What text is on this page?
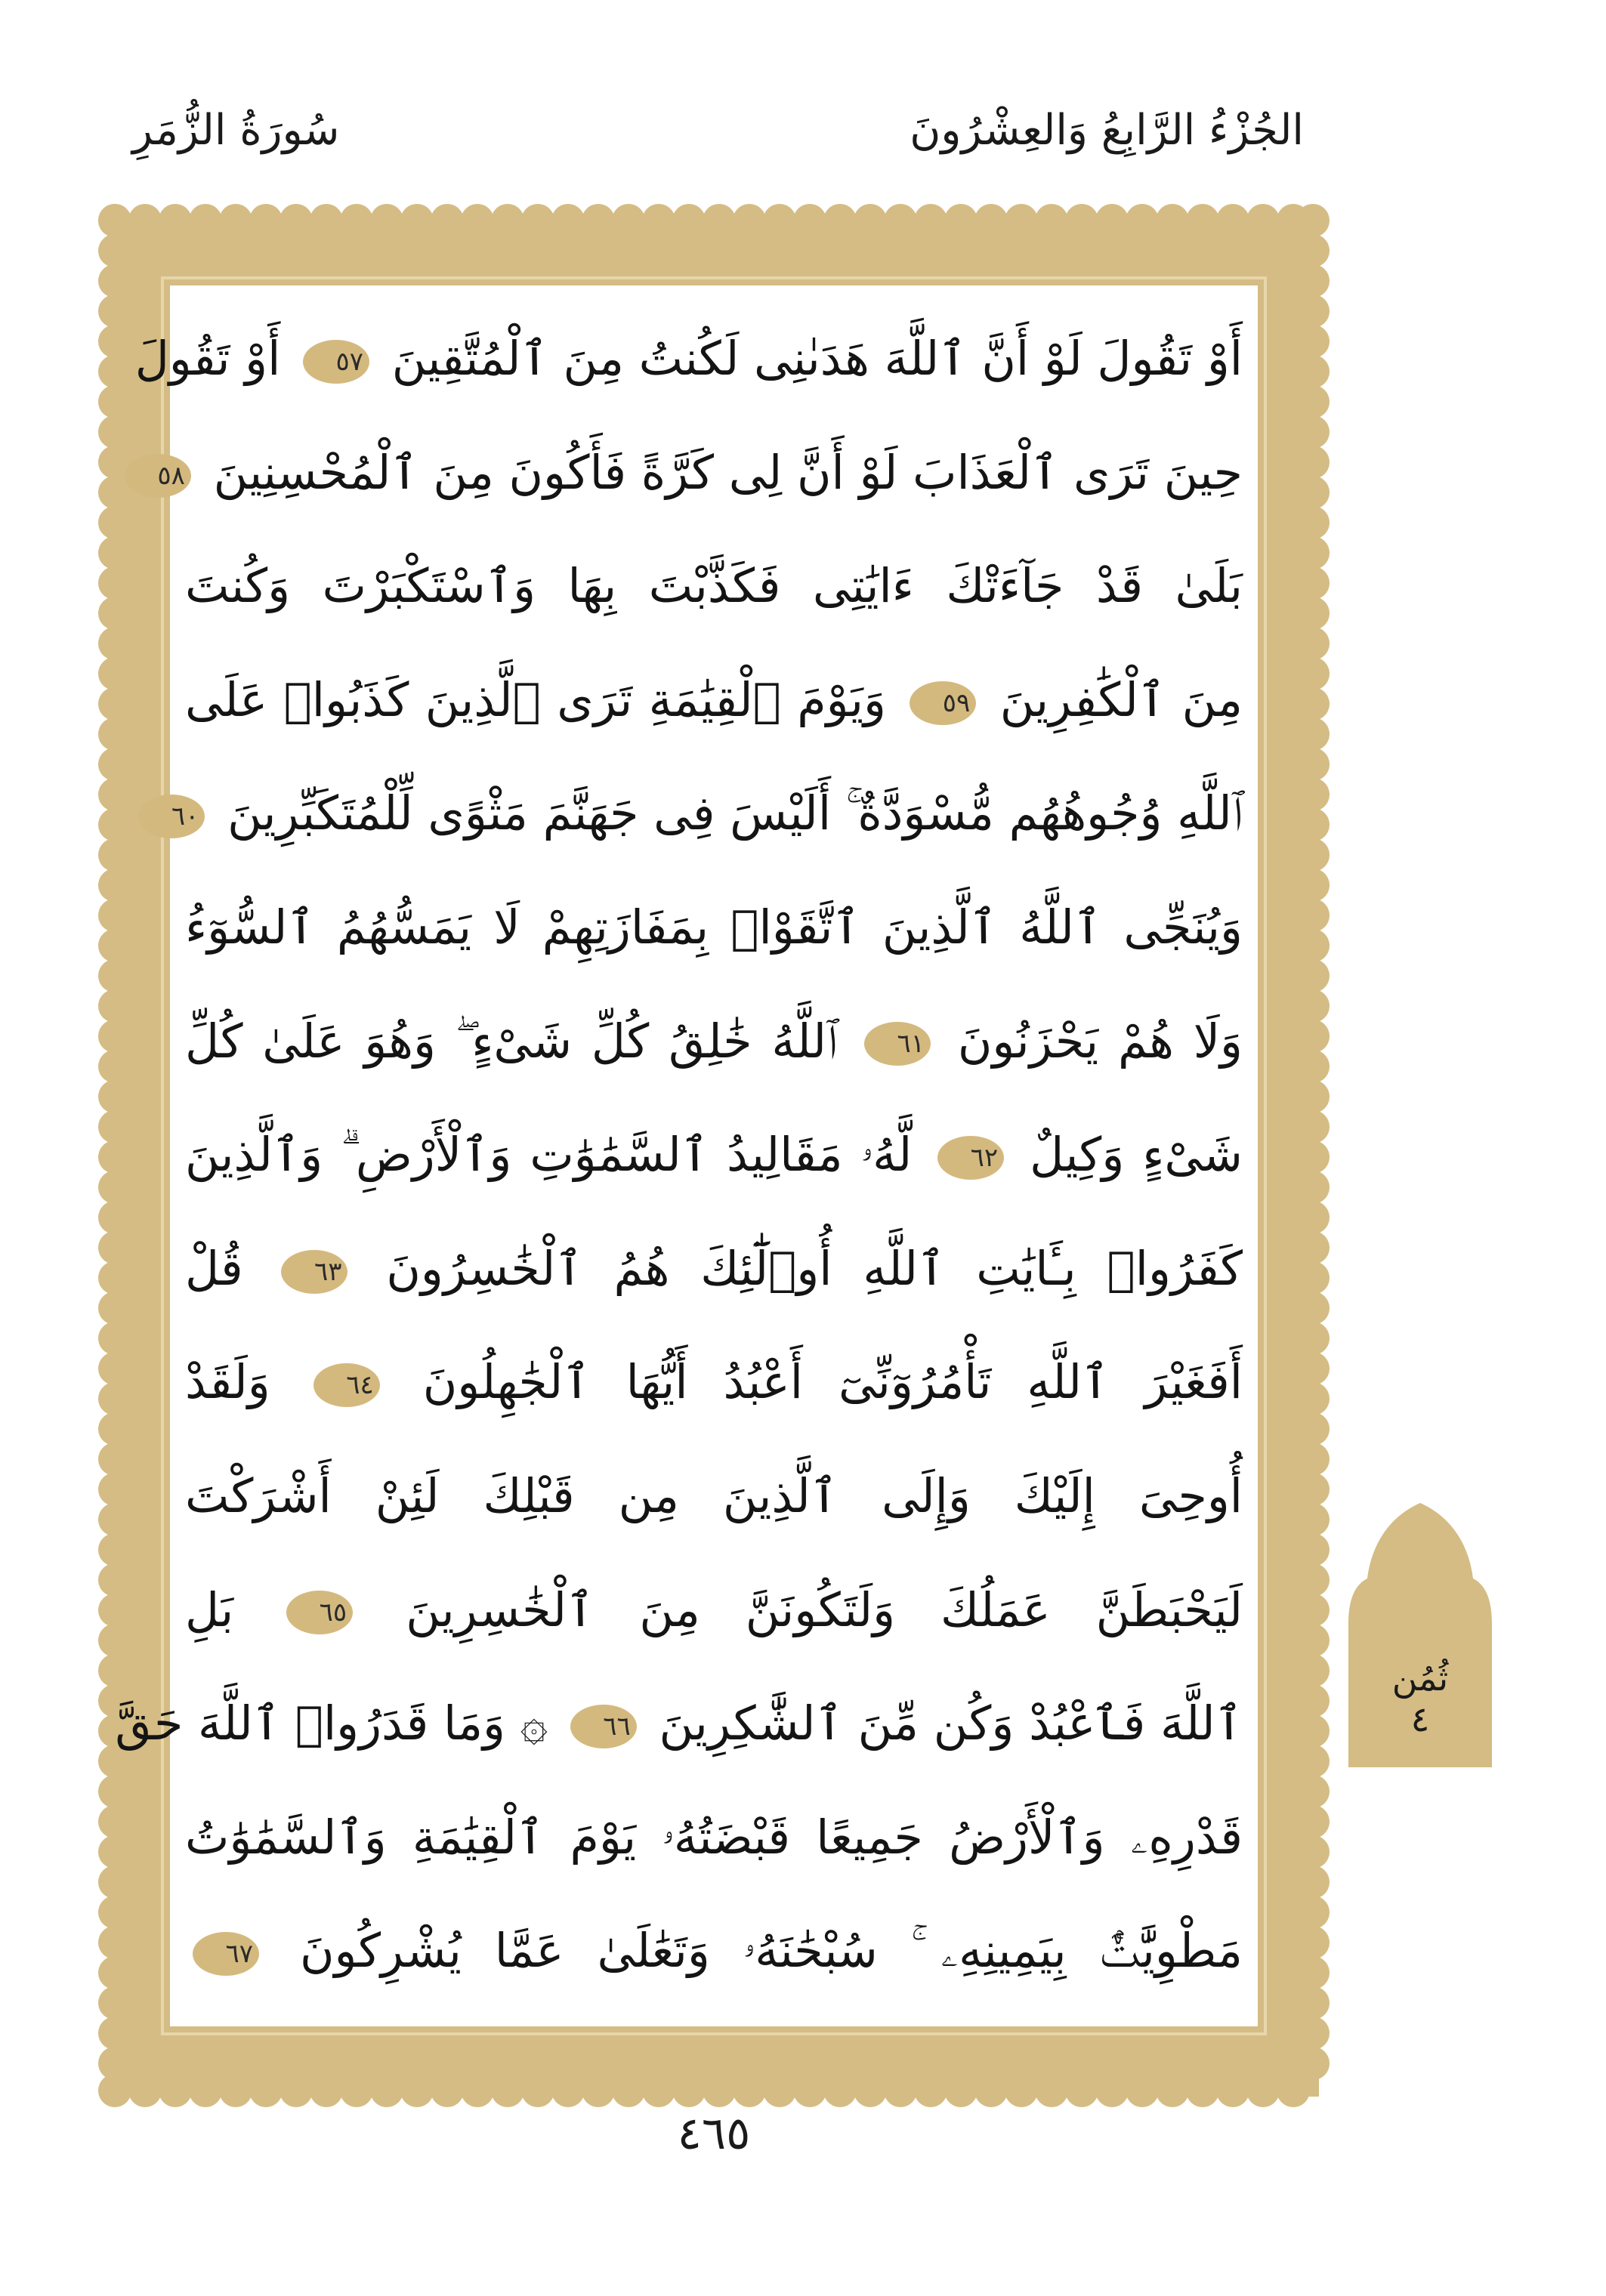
سُورَةُ الزُّمَرِ	الجُزْءُ الرَّابِعُ وَالعِشْرُونَ
أَوْ تَقُولَ لَوْ أَنَّ ٱللَّهَ هَدَىٰنِى لَكُنتُ مِنَ ٱلْمُتَّقِينَ ٥٧ أَوْ تَقُولَ
حِينَ تَرَى ٱلْعَذَابَ لَوْ أَنَّ لِى كَرَّةً فَأَكُونَ مِنَ ٱلْمُحْسِنِينَ ٥٨
بَلَىٰ قَدْ جَآءَتْكَ ءَايَٰتِى فَكَذَّبْتَ بِهَا وَٱسْتَكْبَرْتَ وَكُنتَ
مِنَ ٱلْكَٰفِرِينَ ٥٩ وَيَوْمَ ٱلْقِيَٰمَةِ تَرَى ٱلَّذِينَ كَذَبُوا۟ عَلَى
ٱللَّهِ وُجُوهُهُم مُّسْوَدَّةٌ ۚ أَلَيْسَ فِى جَهَنَّمَ مَثْوًى لِّلْمُتَكَبِّرِينَ ٦٠
وَيُنَجِّى ٱللَّهُ ٱلَّذِينَ ٱتَّقَوْا۟ بِمَفَازَتِهِمْ لَا يَمَسُّهُمُ ٱلسُّوٓءُ
وَلَا هُمْ يَحْزَنُونَ ٦١ ٱللَّهُ خَٰلِقُ كُلِّ شَىْءٍ ۖ وَهُوَ عَلَىٰ كُلِّ
شَىْءٍ وَكِيلٌ ٦٢ لَّهُۥ مَقَالِيدُ ٱلسَّمَٰوَٰتِ وَٱلْأَرْضِ ۗ وَٱلَّذِينَ
كَفَرُوا۟ بِـَٔايَٰتِ ٱللَّهِ أُو۟لَٰٓئِكَ هُمُ ٱلْخَٰسِرُونَ ٦٣ قُلْ
أَفَغَيْرَ ٱللَّهِ تَأْمُرُوٓنِّىٓ أَعْبُدُ أَيُّهَا ٱلْجَٰهِلُونَ ٦٤ وَلَقَدْ
أُوحِىَ إِلَيْكَ وَإِلَى ٱلَّذِينَ مِن قَبْلِكَ لَئِنْ أَشْرَكْتَ
لَيَحْبَطَنَّ عَمَلُكَ وَلَتَكُونَنَّ مِنَ ٱلْخَٰسِرِينَ ٦٥ بَلِ
ٱللَّهَ فَٱعْبُدْ وَكُن مِّنَ ٱلشَّٰكِرِينَ ٦٦ ۞ وَمَا قَدَرُوا۟ ٱللَّهَ حَقَّ
قَدْرِهِۦ وَٱلْأَرْضُ جَمِيعًا قَبْضَتُهُۥ يَوْمَ ٱلْقِيَٰمَةِ وَٱلسَّمَٰوَٰتُ
مَطْوِيَّٰتٌۢ بِيَمِينِهِۦ ۚ سُبْحَٰنَهُۥ وَتَعَٰلَىٰ عَمَّا يُشْرِكُونَ ٦٧
ثُمُن
٤
٤٦٥
